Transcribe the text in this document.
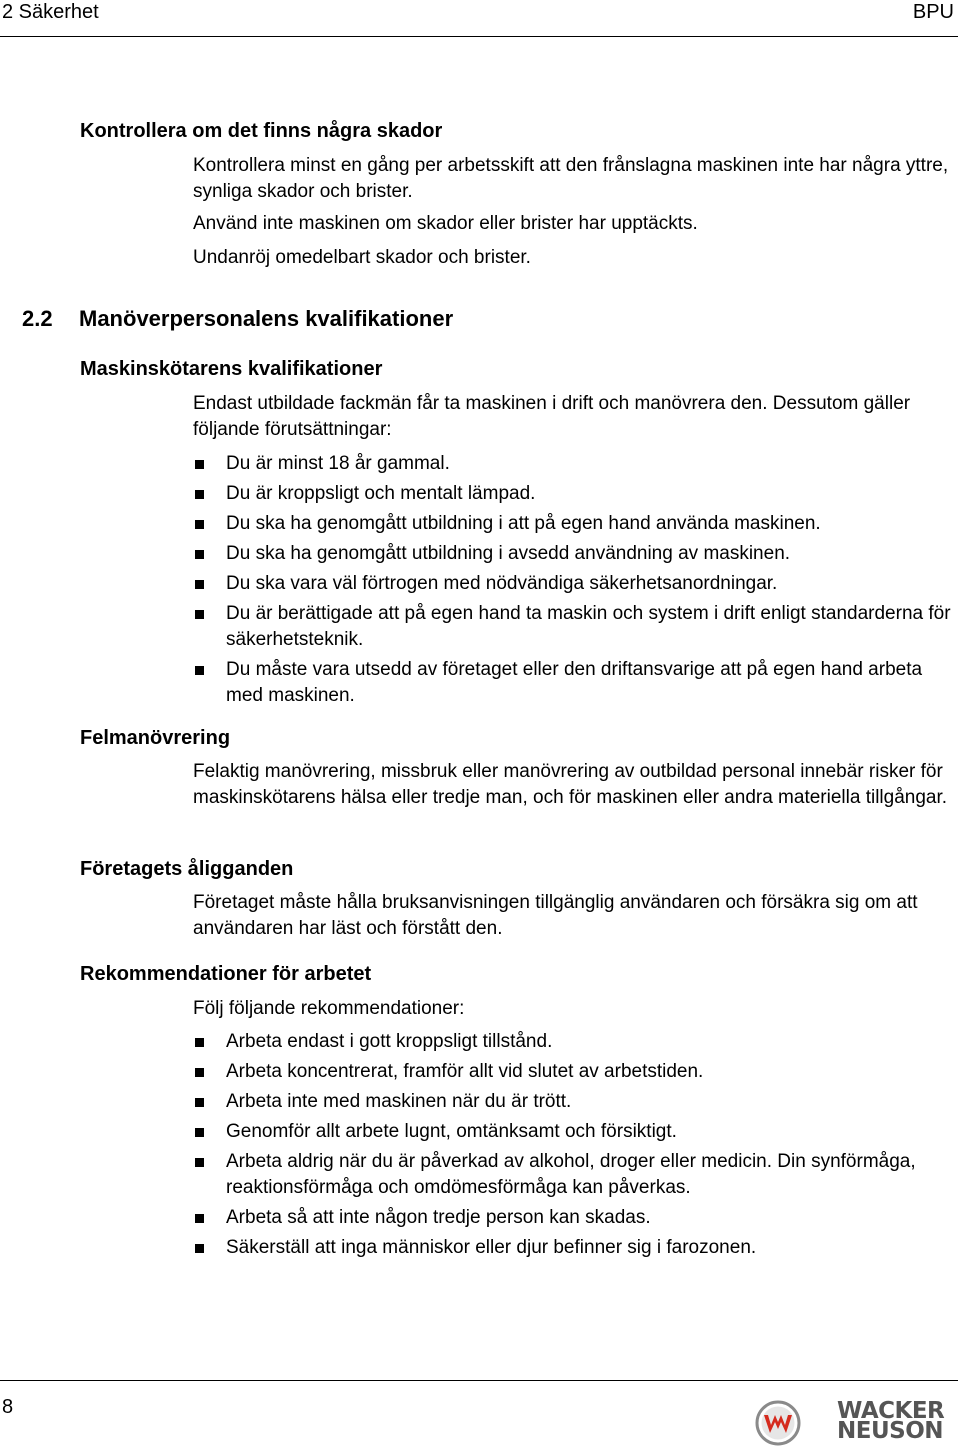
2 Säkerhet	BPU
Kontrollera om det finns några skador

Kontrollera minst en gång per arbetsskift att den frånslagna maskinen inte har några yttre, synliga skador och brister.

Använd inte maskinen om skador eller brister har upptäckts.

Undanröj omedelbart skador och brister.

2.2 Manöverpersonalens kvalifikationer
Maskinskötarens kvalifikationer

Endast utbildade fackmän får ta maskinen i drift och manövrera den. Dessutom gäller följande förutsättningar:

Du är minst 18 år gammal.
Du är kroppsligt och mentalt lämpad.
Du ska ha genomgått utbildning i att på egen hand använda maskinen.
Du ska ha genomgått utbildning i avsedd användning av maskinen.
Du ska vara väl förtrogen med nödvändiga säkerhetsanordningar.
Du är berättigade att på egen hand ta maskin och system i drift enligt standarderna för säkerhetsteknik.
Du måste vara utsedd av företaget eller den driftansvarige att på egen hand arbeta med maskinen.
Felmanövrering

Felaktig manövrering, missbruk eller manövrering av outbildad personal innebär risker för maskinskötarens hälsa eller tredje man, och för maskinen eller andra materiella tillgångar.

Företagets åligganden

Företaget måste hålla bruksanvisningen tillgänglig användaren och försäkra sig om att användaren har läst och förstått den.

Rekommendationer för arbetet

Följ följande rekommendationer:

Arbeta endast i gott kroppsligt tillstånd.
Arbeta koncentrerat, framför allt vid slutet av arbetstiden.
Arbeta inte med maskinen när du är trött.
Genomför allt arbete lugnt, omtänksamt och försiktigt.
Arbeta aldrig när du är påverkad av alkohol, droger eller medicin. Din synförmåga, reaktionsförmåga och omdömesförmåga kan påverkas.
Arbeta så att inte någon tredje person kan skadas.
Säkerställ att inga människor eller djur befinner sig i farozonen.
8	WACKER
NEUSON
